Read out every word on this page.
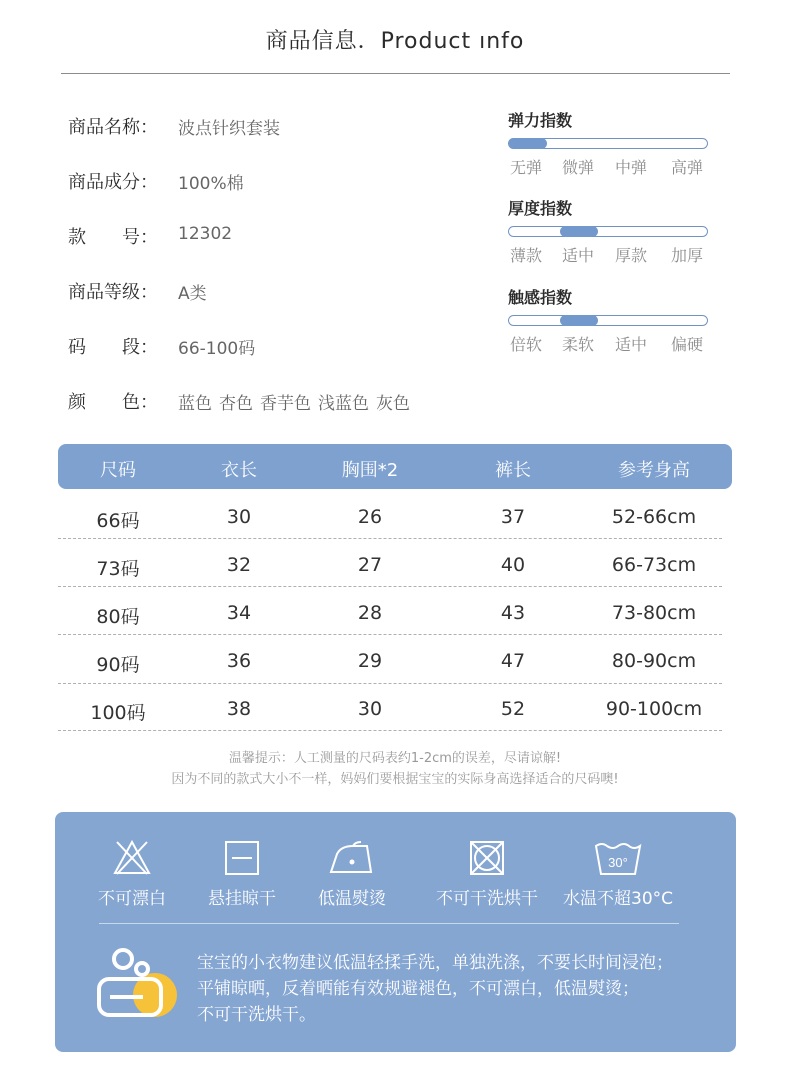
商品信息．Product ınfo
商品名称： 波点针织套装
商品成分： 100%棉
款　　号： 12302
商品等级： A类
码　　段： 66-100码
颜　　色： 蓝色 杏色 香芋色 浅蓝色 灰色
弹力指数
无弹	微弹	中弹	高弹
厚度指数
薄款	适中	厚款	加厚
触感指数
倍软	柔软	适中	偏硬
尺码	衣长	胸围*2	裤长	参考身高
66码	30	26	37	52-66cm
73码	32	27	40	66-73cm
80码	34	28	43	73-80cm
90码	36	29	47	80-90cm
100码	38	30	52	90-100cm
温馨提示：人工测量的尺码表约1-2cm的误差，尽请谅解!
因为不同的款式大小不一样，妈妈们要根据宝宝的实际身高选择适合的尺码噢!
不可漂白	悬挂晾干	低温熨烫	不可干洗烘干
30°
水温不超30°C
宝宝的小衣物建议低温轻揉手洗，单独洗涤，不要长时间浸泡；
平铺晾晒，反着晒能有效规避褪色，不可漂白，低温熨烫；
不可干洗烘干。
